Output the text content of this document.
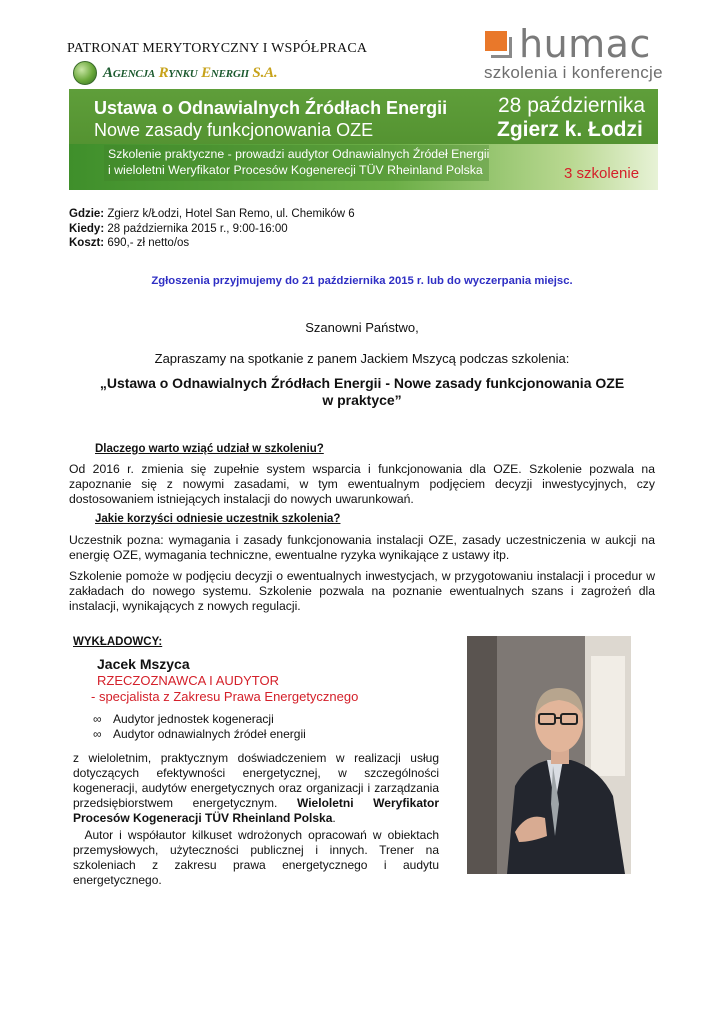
PATRONAT MERYTORYCZNY I WSPÓŁPRACA
AGENCJA RYNKU ENERGII S.A.
humac
szkolenia i konferencje
Ustawa o Odnawialnych Źródłach Energii
Nowe zasady funkcjonowania OZE
28 października
Zgierz k. Łodzi
Szkolenie praktyczne - prowadzi audytor Odnawialnych Źródeł Energii
i wieloletni Weryfikator Procesów Kogenerecji TÜV Rheinland Polska	3 szkolenie
Gdzie: Zgierz k/Łodzi, Hotel San Remo, ul. Chemików 6
Kiedy: 28 października 2015 r., 9:00-16:00
Koszt: 690,- zł netto/os
Zgłoszenia przyjmujemy do 21 października 2015 r. lub do wyczerpania miejsc.
Szanowni Państwo,
Zapraszamy na spotkanie z panem Jackiem Mszycą podczas szkolenia:
„Ustawa o Odnawialnych Źródłach Energii - Nowe zasady funkcjonowania OZE
w praktyce”
Dlaczego warto wziąć udział w szkoleniu?
Od 2016 r. zmienia się zupełnie system wsparcia i funkcjonowania dla OZE. Szkolenie pozwala na
zapoznanie się z nowymi zasadami, w tym ewentualnym podjęciem decyzji inwestycyjnych, czy
dostosowaniem istniejących instalacji do nowych uwarunkowań.
Jakie korzyści odniesie uczestnik szkolenia?
Uczestnik pozna: wymagania i zasady funkcjonowania instalacji OZE, zasady uczestniczenia w aukcji na
energię OZE, wymagania techniczne, ewentualne ryzyka wynikające z ustawy itp.
Szkolenie pomoże w podjęciu decyzji o ewentualnych inwestycjach, w przygotowaniu instalacji i procedur w
zakładach do nowego systemu. Szkolenie pozwala na poznanie ewentualnych szans i zagrożeń dla
instalacji, wynikających z nowych regulacji.
WYKŁADOWCY:
Jacek Mszyca
RZECZOZNAWCA I AUDYTOR
- specjalista z Zakresu Prawa Energetycznego
∞ Audytor jednostek kogeneracji
∞ Audytor odnawialnych źródeł energii
z wieloletnim, praktycznym doświadczeniem w realizacji usług
dotyczących efektywności energetycznej, w szczególności
kogeneracji, audytów energetycznych oraz organizacji i zarządzania
przedsiębiorstwem energetycznym. Wieloletni Weryfikator
Procesów Kogeneracji TÜV Rheinland Polska.
Autor i współautor kilkuset wdrożonych opracowań w obiektach
przemysłowych, użyteczności publicznej i innych. Trener na
szkoleniach z zakresu prawa energetycznego i audytu
energetycznego.
